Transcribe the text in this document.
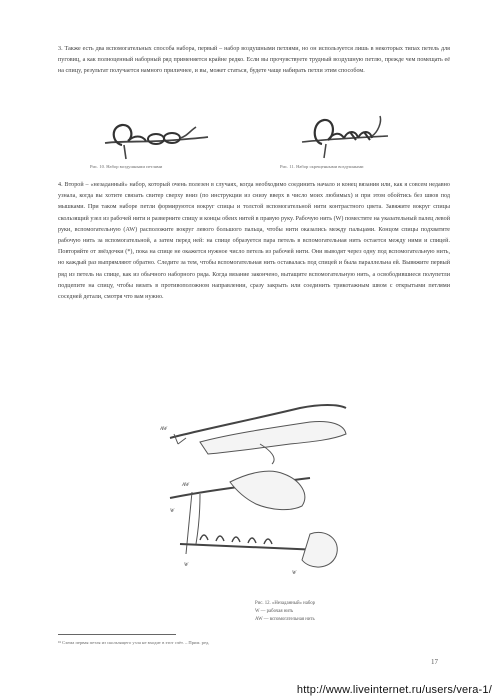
3. Также есть два вспомогательных способа набора, первый – набор воздушными петлями, но он используется лишь в некоторых типах петель для пуговиц, а как полноценный наборный ряд применяется крайне редко. Если вы прочувствуете трудный воздушную петлю, прежде чем помещать её на спицу, результат получается намного приличнее, и вы, может статься, будете чаще набирать петли этим способом.
Рис. 10. Набор воздушными петлями	Рис. 11. Набор скрещенными воздушными
4. Второй – «незаданный» набор, который очень полезен в случаях, когда необходимо соединить начало и конец вязания или, как я совсем недавно узнала, когда вы хотите связать свитер сверху вниз (по инструкции из снизу вверх в число моих любимых) и при этом обойтись без швов под мышками. При таком наборе петли формируются вокруг спицы и толстой вспомогательной нити контрастного цвета. Завяжите вокруг спицы скользящий узел из рабочей нити и разверните спицу и концы обеих нитей в правую руку. Рабочую нить (W) поместите на указательный палец левой руки, вспомогательную (AW) расположите вокруг левого большого пальца, чтобы нити оказались между пальцами. Концом спицы подхватите рабочую нить за вспомогательной, а затем перед ней: на спице образуется пара петель в вспомогательная нить остается между ними и спицей. Повторяйте от звёздочки (*), пока на спице не окажется нужное число петель из рабочей нити. Они выводят через одну под вспомогательную нить, но каждый раз выпрямляют обратно. Следите за тем, чтобы вспомогательная нить оставалась под спицей и была параллельна ей. Вывяжите первый ряд из петель на спице, как из обычного наборного ряда. Когда вязание закончено, вытащите вспомогательную нить, а освободившиеся полупетли подцепите на спицу, чтобы вязать в противоположном направлении, сразу закрыть или соединить трикотажным швом с открытыми петлями соседней детали, смотря что вам нужно.
AW
AW
W
W
W
Рис. 12. «Незаданный» набор
W — рабочая нить
AW — вспомогательная нить
¹⁸ Схема первая петля из скользящего узла не входит в этот счёт. – Прим. ред.
17
http://www.liveinternet.ru/users/vera-1/
